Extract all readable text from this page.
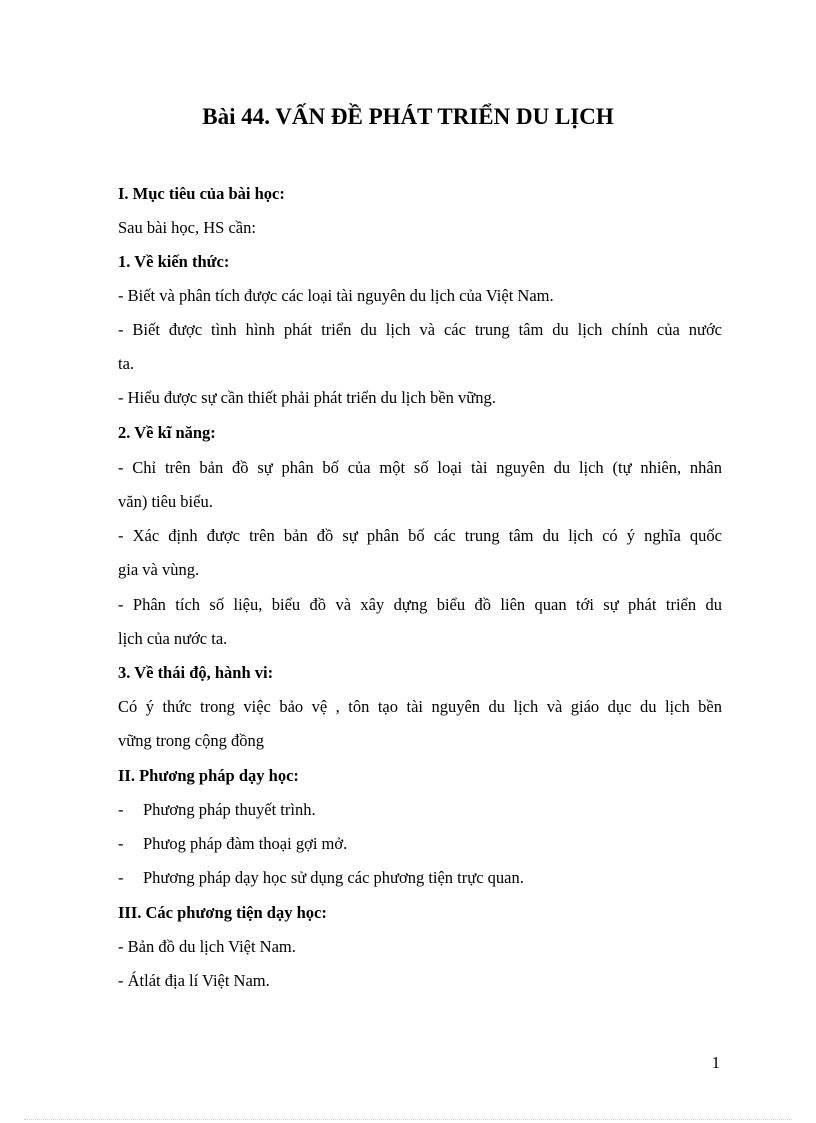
Bài 44. VẤN ĐỀ PHÁT TRIỂN DU LỊCH
I. Mục tiêu của bài học:
Sau bài học, HS cần:
1. Về kiến thức:
- Biết và phân tích được các loại tài nguyên du lịch của Việt Nam.
- Biết được tình hình phát triển du lịch và các trung tâm du lịch chính của nước
ta.
- Hiểu được sự cần thiết phải phát triển du lịch bền vững.
2. Về kĩ năng:
- Chỉ trên bản đồ sự phân bố của một số loại tài nguyên du lịch (tự nhiên, nhân
văn) tiêu biểu.
- Xác định được trên bản đồ sự phân bố các trung tâm du lịch có ý nghĩa quốc
gia và vùng.
- Phân tích số liệu, biểu đồ và xây dựng biểu đồ liên quan tới sự phát triển du
lịch của nước ta.
3. Về thái độ, hành vi:
Có ý thức trong việc bảo vệ , tôn tạo tài nguyên du lịch và giáo dục du lịch bền
vững trong cộng đồng
II. Phương pháp dạy học:
- Phương pháp thuyết trình.
- Phưog pháp đàm thoại gợi mở.
- Phương pháp dạy học sử dụng các phương tiện trực quan.
III. Các phương tiện dạy học:
- Bản đồ du lịch Việt Nam.
- Átlát địa lí Việt Nam.
1
